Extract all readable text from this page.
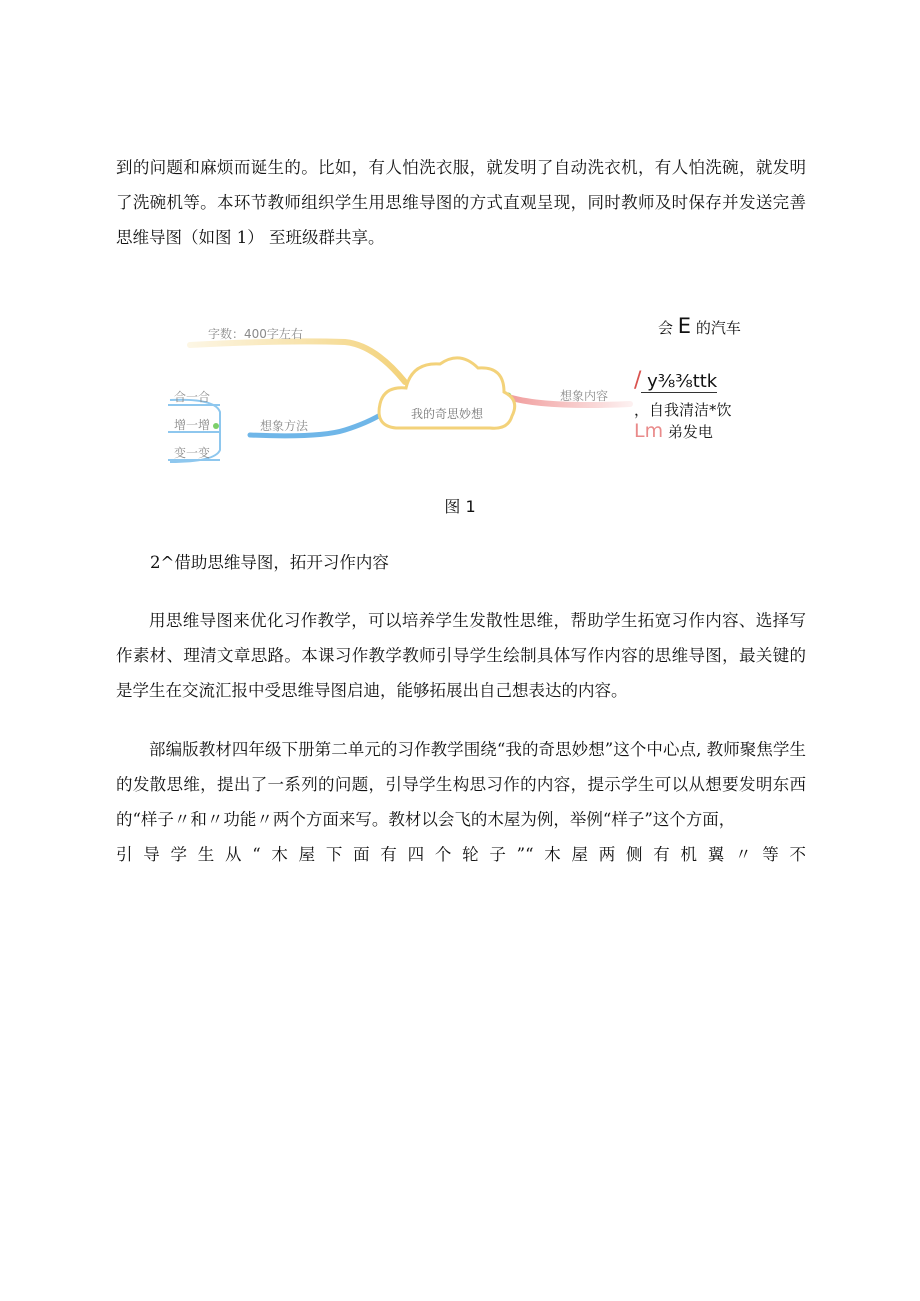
到的问题和麻烦而诞生的。比如，有人怕洗衣服，就发明了自动洗衣机，有人怕洗碗，就发明了洗碗机等。本环节教师组织学生用思维导图的方式直观呈现，同时教师及时保存并发送完善思维导图（如图 1） 至班级群共享。

我的奇思妙想
字数：400字左右
想象方法
合一合
增一增
变一变
想象内容
会 E 的汽车
/ y⅜⅜ttk
，自我清洁*饮
Lm 弟发电
图 1
2^借助思维导图，拓开习作内容

用思维导图来优化习作教学，可以培养学生发散性思维，帮助学生拓宽习作内容、选择写作素材、理清文章思路。本课习作教学教师引导学生绘制具体写作内容的思维导图，最关键的是学生在交流汇报中受思维导图启迪，能够拓展出自己想表达的内容。

部编版教材四年级下册第二单元的习作教学围绕“我的奇思妙想”这个中心点, 教师聚焦学生的发散思维，提出了一系列的问题，引导学生构思习作的内容，提示学生可以从想要发明东西的“样子〃和〃功能〃两个方面来写。教材以会飞的木屋为例，举例“样子”这个方面，
引导学生从“木屋下面有四个轮子”“木屋两侧有机翼〃等不
